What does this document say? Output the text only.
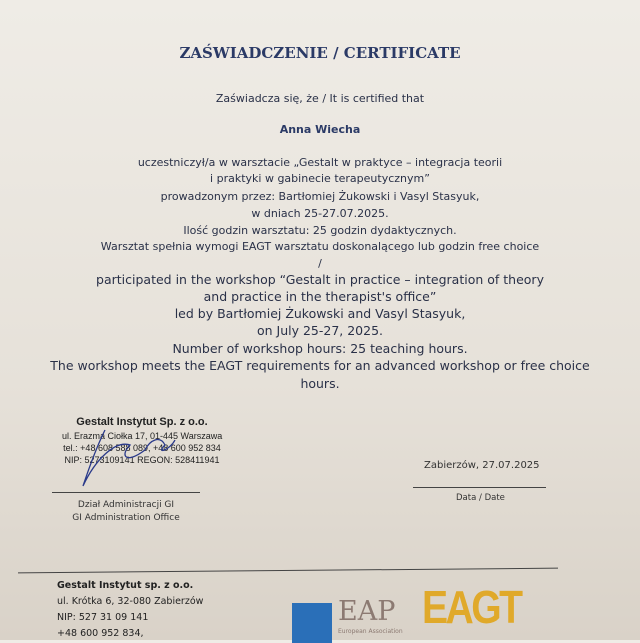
ZAŚWIADCZENIE / CERTIFICATE
Zaświadcza się, że / It is certified that
Anna Wiecha
uczestniczył/a w warsztacie „Gestalt w praktyce – integracja teorii
i praktyki w gabinecie terapeutycznym”
prowadzonym przez: Bartłomiej Żukowski i Vasyl Stasyuk,
w dniach 25-27.07.2025.
Ilość godzin warsztatu: 25 godzin dydaktycznych.
Warsztat spełnia wymogi EAGT warsztatu doskonalącego lub godzin free choice
/
participated in the workshop “Gestalt in practice – integration of theory
and practice in the therapist's office”
led by Bartłomiej Żukowski and Vasyl Stasyuk,
on July 25-27, 2025.
Number of workshop hours: 25 teaching hours.
The workshop meets the EAGT requirements for an advanced workshop or free choice
hours.
Gestalt Instytut Sp. z o.o.
ul. Erazma Ciołka 17, 01-445 Warszawa
tel.: +48 608 588 089, +48 600 952 834
NIP: 5273109141 REGON: 528411941
Dział Administracji GI
GI Administration Office
Zabierzów, 27.07.2025
Data / Date
Gestalt Instytut sp. z o.o.
ul. Krótka 6, 32-080 Zabierzów
NIP: 527 31 09 141
+48 600 952 834,
EAP
European Association EAGT
